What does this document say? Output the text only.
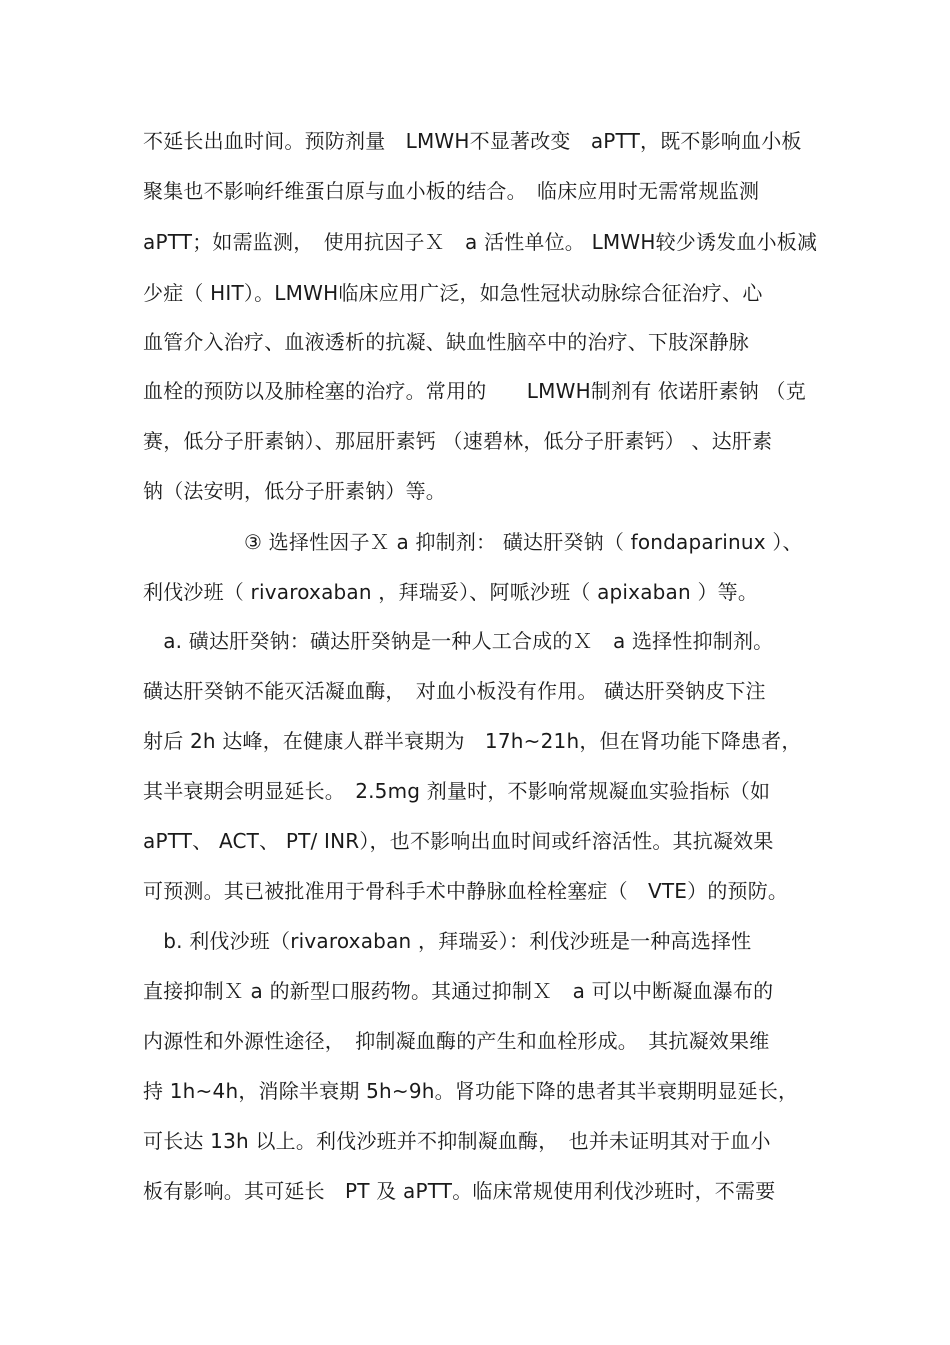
不延长出血时间。预防剂量　LMWH不显著改变　aPTT，既不影响血小板
聚集也不影响纤维蛋白原与血小板的结合。　临床应用时无需常规监测
aPTT；如需监测，　使用抗因子Ｘ　a 活性单位。 LMWH较少诱发血小板减
少症（ HIT）。LMWH临床应用广泛，如急性冠状动脉综合征治疗、心
血管介入治疗、血液透析的抗凝、缺血性脑卒中的治疗、下肢深静脉
血栓的预防以及肺栓塞的治疗。常用的　　LMWH制剂有 依诺肝素钠 （克
赛，低分子肝素钠）、那屈肝素钙 （速碧林，低分子肝素钙） 、达肝素
钠（法安明，低分子肝素钠）等。
　　　　　③ 选择性因子Ｘ a 抑制剂： 磺达肝癸钠（ fondaparinux ）、
利伐沙班（ rivaroxaban ，拜瑞妥）、阿哌沙班（ apixaban ）等。
　a. 磺达肝癸钠：磺达肝癸钠是一种人工合成的Ｘ　a 选择性抑制剂。
磺达肝癸钠不能灭活凝血酶，　对血小板没有作用。 磺达肝癸钠皮下注
射后 2h 达峰，在健康人群半衰期为　17h~21h，但在肾功能下降患者，
其半衰期会明显延长。　2.5mg 剂量时，不影响常规凝血实验指标（如
aPTT、 ACT、 PT/ INR），也不影响出血时间或纤溶活性。其抗凝效果
可预测。其已被批准用于骨科手术中静脉血栓栓塞症（　VTE）的预防。
　b. 利伐沙班（rivaroxaban ，拜瑞妥）：利伐沙班是一种高选择性
直接抑制Ｘ a 的新型口服药物。其通过抑制Ｘ　a 可以中断凝血瀑布的
内源性和外源性途径，　抑制凝血酶的产生和血栓形成。　其抗凝效果维
持 1h~4h，消除半衰期 5h~9h。肾功能下降的患者其半衰期明显延长，
可长达 13h 以上。利伐沙班并不抑制凝血酶，　也并未证明其对于血小
板有影响。其可延长　PT 及 aPTT。临床常规使用利伐沙班时，不需要
